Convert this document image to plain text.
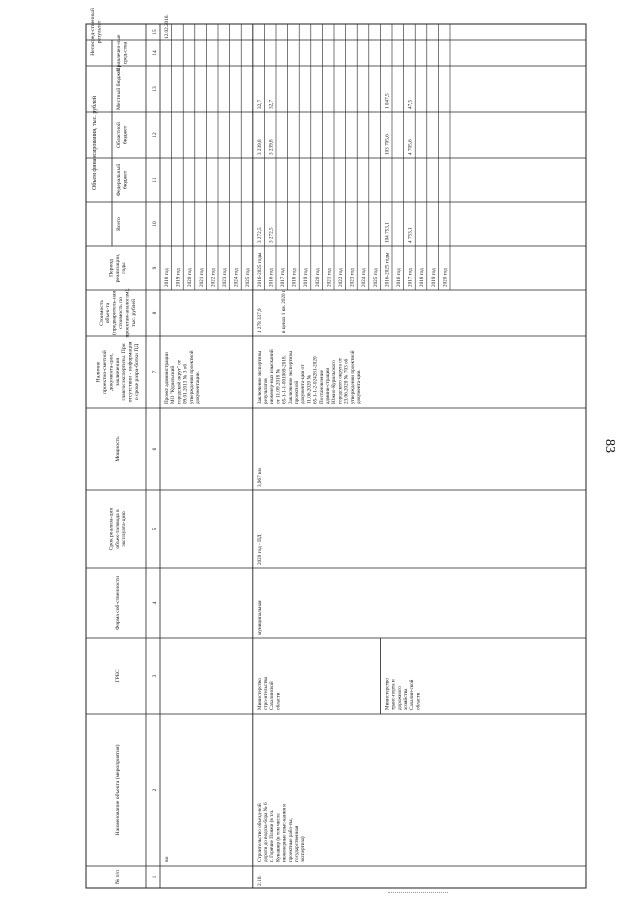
83
№ п/п
Наименование объекта (мероприятия)
ГРБС
Форма соб-ственности
Срок реализа-ции объек-та/ввода в эксплуата-цию
Мощность
Наличие проектно-сметной документа-ции, заключения главгосэкспертизы. При отсутствии - информация о сроке разра-ботки ПД
Стоимость объек-та (предваритель-ная стоимость по проектам-аналогам), тыс. рублей
Период реализации, годы
Всего
Федеральный бюджет
Областной бюджет
Местный бюджет
Привлечен-ные сред-ства
Непосред-ственный результат
Объем финансирования, тыс. рублей
1
2
3
4
5
6
7
8
9
10
11
12
13
14
15
во
Проект администрации МО "Курильский городской округ" от 09.01.2013 № 3 об утверждении проектной документации.
2018 год 2019 год 2020 год 2021 год 2022 год 2023 год 2024 год 2025 год
12.02.2016.
2.10.
Строительство объезд-ной дороги до водоза-бора № 6 г. Горячие Пляжи (в т.ч. Кунашир (в том числе инженерные изыс-кания и проектные рабо-ты, государственная экспертиза)
Министерство стро-ительства Сахалинской области	Министерство транс-порта и дорожного хозяйства Сахалин-ской области
муниципальная
2020 год - ПД
3,967 км
Заключение экспертизы результатов инженер-ных изысканий от 11.09.2018 № 65-1-1-1-001069-2018. Заключение экспертизы проектной документа-ции от 11.06.2020 № 65-1-1-2-024281-2020 Постановление админи-страции Южно-Курильского городского округа от 23.06.2020 № 703 об утверждении проектной документа-ции.
1 278 337,9	в ценах 1 кв. 2020 г.
2016-2025 годы
3 272,5
3 239,8
32,7
2016 год
3 272,5
3 239,8
32,7
2017 год 2018 год 2019 год 2020 год 2021 год 2022 год 2023 год 2024 год 2025 год 2016-2025 годы
104 753,1
103 705,6
1 047,5
2016 год 2017 год
4 753,1
4 705,6
47,5
2018 год 2019 год 2020 год
